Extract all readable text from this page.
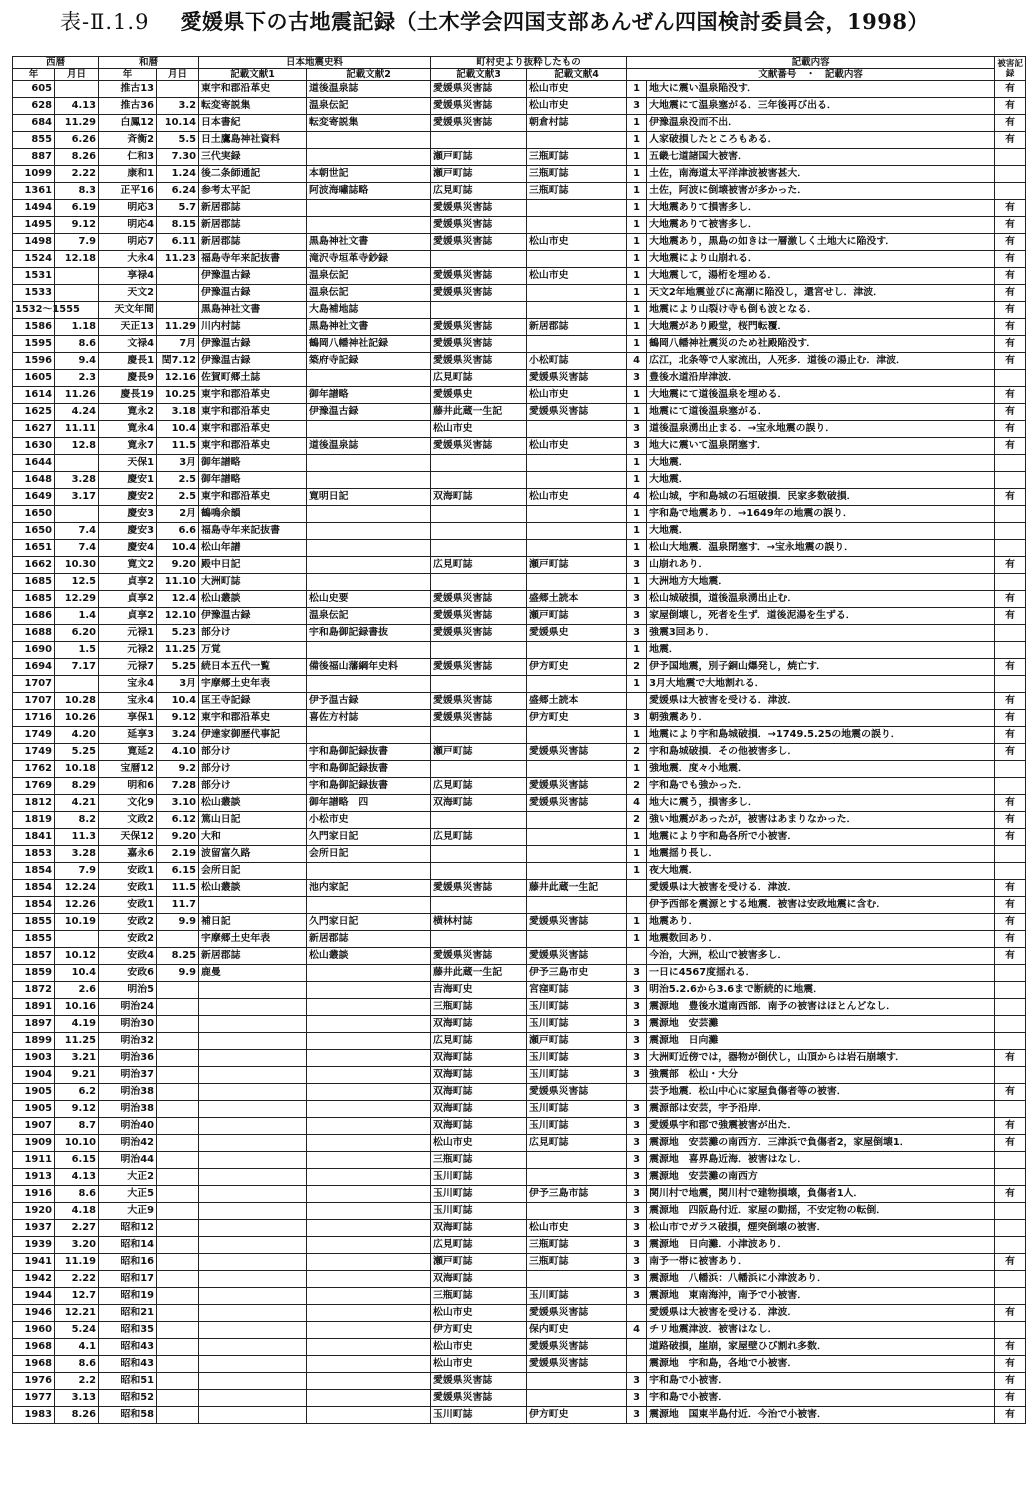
表-Ⅱ.1.9 愛媛県下の古地震記録（土木学会四国支部あんぜん四国検討委員会，1998）
西暦		和暦		日本地震史料		町村史より抜粋したもの		記載内容		被害記録
年	月日	年	月日	記載文献1	記載文献2	記載文献3	記載文献4	文献番号　・　記載内容		
605		推古13		東宇和郡沿革史	道後温泉誌	愛媛県災害誌	松山市史	1	地大に震い温泉陥没す．	有
628	4.13	推古36	3.2	転変寄説集	温泉伝記	愛媛県災害誌	松山市史	3	大地震にて温泉塞がる．三年後再び出る．	有
684	11.29	白鳳12	10.14	日本書紀	転変寄説集	愛媛県災害誌	朝倉村誌	1	伊豫温泉没而不出．	有
855	6.26	斉衡2	5.5	日土鷹島神社資料				1	人家破損したところもある．	有
887	8.26	仁和3	7.30	三代実録		瀬戸町誌	三瓶町誌	1	五畿七道諸国大被害．	
1099	2.22	康和1	1.24	後二条師通記	本朝世記	瀬戸町誌	三瓶町誌	1	土佐，南海道太平洋津波被害甚大．	
1361	8.3	正平16	6.24	参考太平記	阿波海嘯誌略	広見町誌	三瓶町誌	1	土佐，阿波に倒壊被害が多かった．	
1494	6.19	明応3	5.7	新居郡誌		愛媛県災害誌		1	大地震ありて損害多し．	有
1495	9.12	明応4	8.15	新居郡誌		愛媛県災害誌		1	大地震ありて被害多し．	有
1498	7.9	明応7	6.11	新居郡誌	黒島神社文書	愛媛県災害誌	松山市史	1	大地震あり，黒島の如きは一層激しく土地大に陥没す．	有
1524	12.18	大永4	11.23	福島寺年来記抜書	滝沢寺垣革寺鈔録			1	大地震により山崩れる．	有
1531		享禄4		伊豫温古録	温泉伝記	愛媛県災害誌	松山市史	1	大地震して，湯桁を埋める．	有
1533		天文2		伊豫温古録	温泉伝記	愛媛県災害誌		1	天文2年地震並びに高潮に陥没し，還宮せし．津波．	有
1532～1555		天文年間		黒島神社文書	大島補地誌			1	地震により山裂け寺も倒も波となる．	有
1586	1.18	天正13	11.29	川内村誌	黒島神社文書	愛媛県災害誌	新居郡誌	1	大地震があり殿堂，桜門転覆．	有
1595	8.6	文禄4	7月	伊豫温古録	鶴岡八幡神社記録	愛媛県災害誌		1	鶴岡八幡神社震災のため社殿陥没す．	有
1596	9.4	慶長1	閏7.12	伊豫温古録	築府寺記録	愛媛県災害誌	小松町誌	4	広江，北条等で人家流出，人死多．道後の湯止む．津波．	有
1605	2.3	慶長9	12.16	佐賀町郷土誌		広見町誌	愛媛県災害誌	3	豊後水道沿岸津波．	
1614	11.26	慶長19	10.25	東宇和郡沿革史	御年譜略	愛媛県史	松山市史	1	大地震にて道後温泉を埋める．	有
1625	4.24	寛永2	3.18	東宇和郡沿革史	伊豫温古録	藤井此蔵一生記	愛媛県災害誌	1	地震にて道後温泉塞がる．	有
1627	11.11	寛永4	10.4	東宇和郡沿革史		松山市史		3	道後温泉湧出止まる．→宝永地震の誤り．	有
1630	12.8	寛永7	11.5	東宇和郡沿革史	道後温泉誌	愛媛県災害誌	松山市史	3	地大に震いて温泉閉塞す．	有
1644		天保1	3月	御年譜略				1	大地震．	
1648	3.28	慶安1	2.5	御年譜略				1	大地震．	
1649	3.17	慶安2	2.5	東宇和郡沿革史	寛明日記	双海町誌	松山市史	4	松山城，宇和島城の石垣破損．民家多数破損．	有
1650		慶安3	2月	鶴鳴余韻				1	宇和島で地震あり．→1649年の地震の誤り．	
1650	7.4	慶安3	6.6	福島寺年来記抜書				1	大地震．	
1651	7.4	慶安4	10.4	松山年譜				1	松山大地震．温泉閉塞す．→宝永地震の誤り．	
1662	10.30	寛文2	9.20	殿中日記		広見町誌	瀬戸町誌	3	山崩れあり．	有
1685	12.5	貞享2	11.10	大洲町誌				1	大洲地方大地震．	
1685	12.29	貞享2	12.4	松山叢談	松山史要	愛媛県災害誌	盛郷土読本	3	松山城破損，道後温泉湧出止む．	有
1686	1.4	貞享2	12.10	伊豫温古録	温泉伝記	愛媛県災害誌	瀬戸町誌	3	家屋倒壊し，死者を生ず．道後泥湯を生ずる．	有
1688	6.20	元禄1	5.23	部分け	宇和島御記録書抜	愛媛県災害誌	愛媛県史	3	強震3回あり．	
1690	1.5	元禄2	11.25	万覚				1	地震．	
1694	7.17	元禄7	5.25	続日本五代一覧	備後福山藩綱年史料	愛媛県災害誌	伊方町史	2	伊予国地震，別子銅山爆発し，焼亡す．	有
1707		宝永4	3月	宇摩郷土史年表				1	3月大地震で大地割れる．	
1707	10.28	宝永4	10.4	匡王寺記録	伊予温古録	愛媛県災害誌	盛郷土読本		愛媛県は大被害を受ける．津波．	有
1716	10.26	享保1	9.12	東宇和郡沿革史	喜佐方村誌	愛媛県災害誌	伊方町史	3	朝強震あり．	有
1749	4.20	延享3	3.24	伊達家御歴代事記				1	地震により宇和島城破損．→1749.5.25の地震の誤り．	有
1749	5.25	寛延2	4.10	部分け	宇和島御記録抜書	瀬戸町誌	愛媛県災害誌	2	宇和島城破損．その他被害多し．	有
1762	10.18	宝暦12	9.2	部分け	宇和島御記録抜書			1	強地震．度々小地震．	
1769	8.29	明和6	7.28	部分け	宇和島御記録抜書	広見町誌	愛媛県災害誌	2	宇和島でも強かった．	
1812	4.21	文化9	3.10	松山叢談	御年譜略　四	双海町誌	愛媛県災害誌	4	地大に震う，損害多し．	有
1819	8.2	文政2	6.12	篤山日記	小松市史			2	強い地震があったが，被害はあまりなかった．	有
1841	11.3	天保12	9.20	大和	久門家日記	広見町誌		1	地震により宇和島各所で小被害．	有
1853	3.28	嘉永6	2.19	波留富久路	会所日記			1	地震揺り長し．	
1854	7.9	安政1	6.15	会所日記				1	夜大地震．	
1854	12.24	安政1	11.5	松山叢談	池内家記	愛媛県災害誌	藤井此蔵一生記		愛媛県は大被害を受ける．津波．	有
1854	12.26	安政1	11.7						伊予西部を震源とする地震．被害は安政地震に含む．	有
1855	10.19	安政2	9.9	補日記	久門家日記	横林村誌	愛媛県災害誌	1	地震あり．	有
1855		安政2		宇摩郷土史年表	新居郡誌			1	地震数回あり．	有
1857	10.12	安政4	8.25	新居郡誌	松山叢談	愛媛県災害誌	愛媛県災害誌		今治，大洲，松山で被害多し．	有
1859	10.4	安政6	9.9	鹿曼		藤井此蔵一生記	伊予三島市史	3	一日に4567度揺れる．	
1872	2.6	明治5				吉海町史	宮窪町誌	3	明治5.2.6から3.6まで断続的に地震．	
1891	10.16	明治24				三瓶町誌	玉川町誌	3	震源地　豊後水道南西部．南予の被害はほとんどなし．	
1897	4.19	明治30				双海町誌	玉川町誌	3	震源地　安芸灘	
1899	11.25	明治32				広見町誌	瀬戸町誌	3	震源地　日向灘	
1903	3.21	明治36				双海町誌	玉川町誌	3	大洲町近傍では，器物が倒伏し，山頂からは岩石崩壊す．	有
1904	9.21	明治37				双海町誌	玉川町誌	3	強震部　松山・大分	
1905	6.2	明治38				双海町誌	愛媛県災害誌		芸予地震．松山中心に家屋負傷者等の被害．	有
1905	9.12	明治38				双海町誌	玉川町誌	3	震源部は安芸，宇予沿岸．	
1907	8.7	明治40				双海町誌	玉川町誌	3	愛媛県宇和郡で強震被害が出た．	有
1909	10.10	明治42				松山市史	広見町誌	3	震源地　安芸灘の南西方．三津浜で負傷者2，家屋倒壊1．	有
1911	6.15	明治44				三瓶町誌		3	震源地　喜界島近海．被害はなし．	
1913	4.13	大正2				玉川町誌		3	震源地　安芸灘の南西方	
1916	8.6	大正5				玉川町誌	伊予三島市誌	3	関川村で地震，関川村で建物損壊，負傷者1人．	有
1920	4.18	大正9				玉川町誌		3	震源地　四阪島付近．家屋の動揺，不安定物の転倒．	
1937	2.27	昭和12				双海町誌	松山市史	3	松山市でガラス破損，煙突倒壊の被害．	
1939	3.20	昭和14				広見町誌	三瓶町誌	3	震源地　日向灘．小津波あり．	
1941	11.19	昭和16				瀬戸町誌	三瓶町誌	3	南予一帯に被害あり．	有
1942	2.22	昭和17				双海町誌		3	震源地　八幡浜：八幡浜に小津波あり．	
1944	12.7	昭和19				三瓶町誌	玉川町誌	3	震源地　東南海沖，南予で小被害．	
1946	12.21	昭和21				松山市史	愛媛県災害誌		愛媛県は大被害を受ける．津波．	有
1960	5.24	昭和35				伊方町史	保内町史	4	チリ地震津波．被害はなし．	
1968	4.1	昭和43				松山市史	愛媛県災害誌		道路破損，崖崩，家屋壁ひび割れ多数．	有
1968	8.6	昭和43				松山市史	愛媛県災害誌		震源地　宇和島，各地で小被害．	有
1976	2.2	昭和51				愛媛県災害誌		3	宇和島で小被害．	有
1977	3.13	昭和52				愛媛県災害誌		3	宇和島で小被害．	有
1983	8.26	昭和58				玉川町誌	伊方町史	3	震源地　国東半島付近．今治で小被害．	有
